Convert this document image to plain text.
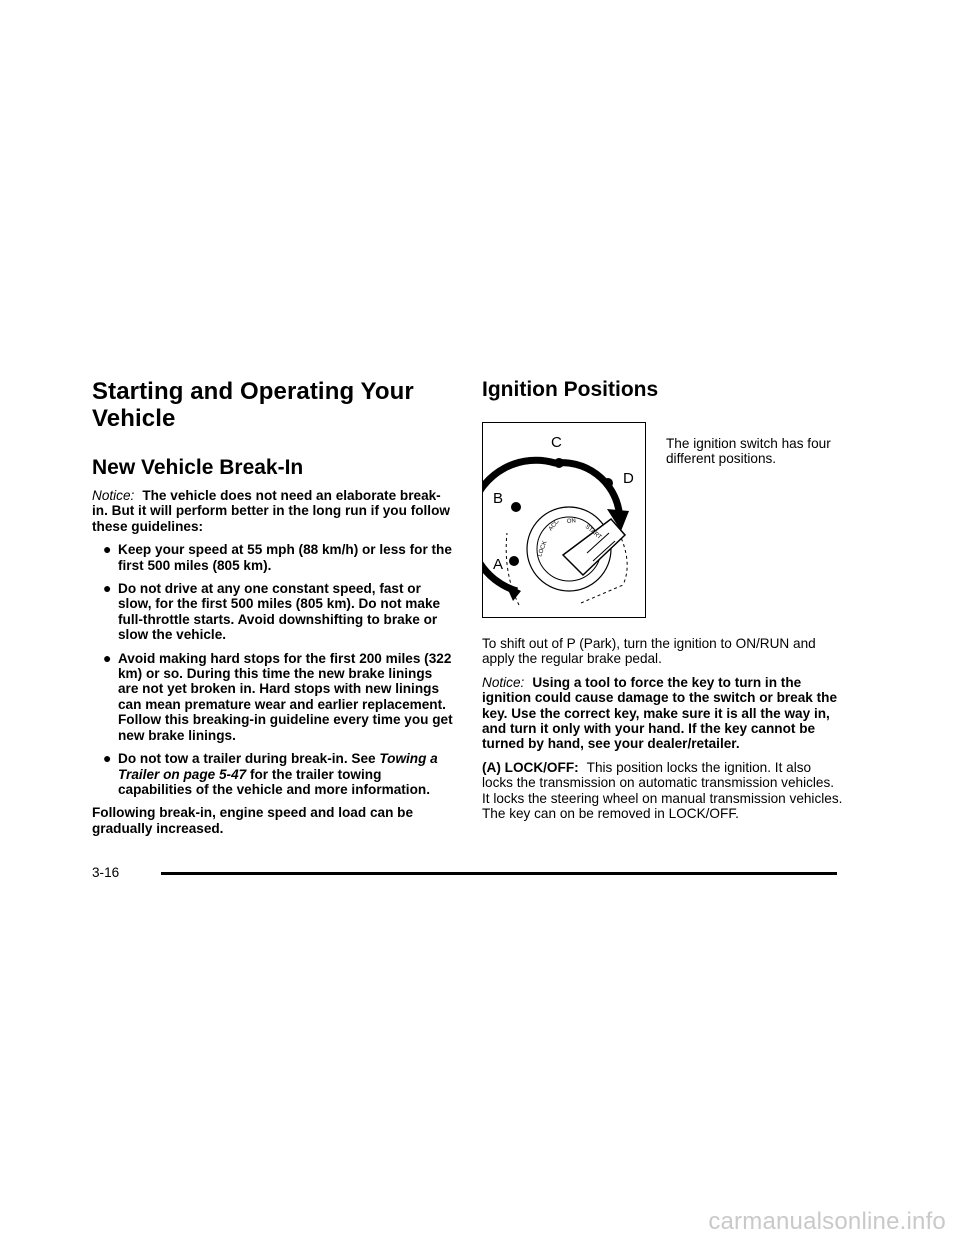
Starting and Operating Your
Vehicle
New Vehicle Break-In

Notice: The vehicle does not need an elaborate break-in. But it will perform better in the long run if you follow these guidelines:

● Keep your speed at 55 mph (88 km/h) or less for the first 500 miles (805 km).
● Do not drive at any one constant speed, fast or slow, for the first 500 miles (805 km). Do not make full-throttle starts. Avoid downshifting to brake or slow the vehicle.
● Avoid making hard stops for the first 200 miles (322 km) or so. During this time the new brake linings are not yet broken in. Hard stops with new linings can mean premature wear and earlier replacement. Follow this breaking-in guideline every time you get new brake linings.
● Do not tow a trailer during break-in. See Towing a Trailer on page 5-47 for the trailer towing capabilities of the vehicle and more information.

Following break-in, engine speed and load can be gradually increased.

Ignition Positions
A
B
C
D
LOCK
ACC ON
START
The ignition switch has four different positions.

To shift out of P (Park), turn the ignition to ON/RUN and apply the regular brake pedal.

Notice: Using a tool to force the key to turn in the ignition could cause damage to the switch or break the key. Use the correct key, make sure it is all the way in, and turn it only with your hand. If the key cannot be turned by hand, see your dealer/retailer.

(A) LOCK/OFF: This position locks the ignition. It also locks the transmission on automatic transmission vehicles. It locks the steering wheel on manual transmission vehicles. The key can on be removed in LOCK/OFF.

3-16
carmanualsonline.info
